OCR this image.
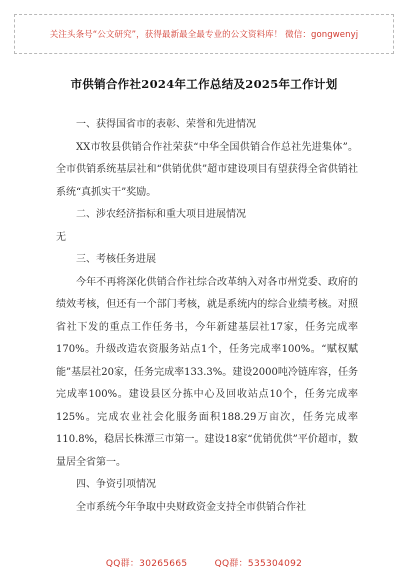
关注头条号“公文研究”，获得最新最全最专业的公文资料库！ 微信：gongwenyj
市供销合作社2024年工作总结及2025年工作计划

一、获得国省市的表彰、荣誉和先进情况

XX市牧县供销合作社荣获“中华全国供销合作总社先进集体”。全市供销系统基层社和“供销优供”超市建设项目有望获得全省供销社系统“真抓实干”奖励。

二、涉农经济指标和重大项目进展情况

无

三、考核任务进展

今年不再将深化供销合作社综合改革纳入对各市州党委、政府的绩效考核，但还有一个部门考核，就是系统内的综合业绩考核。对照省社下发的重点工作任务书，今年新建基层社17家，任务完成率170%。升级改造农资服务站点1个，任务完成率100%。“赋权赋能”基层社20家，任务完成率133.3%。建设2000吨冷链库容，任务完成率100%。建设县区分拣中心及回收站点10个，任务完成率125%。完成农业社会化服务面积188.29万亩次，任务完成率110.8%，稳居长株潭三市第一。建设18家“优销优供”平价超市，数量居全省第一。

四、争资引项情况

全市系统今年争取中央财政资金支持全市供销合作社

QQ群：30265665	QQ群：535304092
